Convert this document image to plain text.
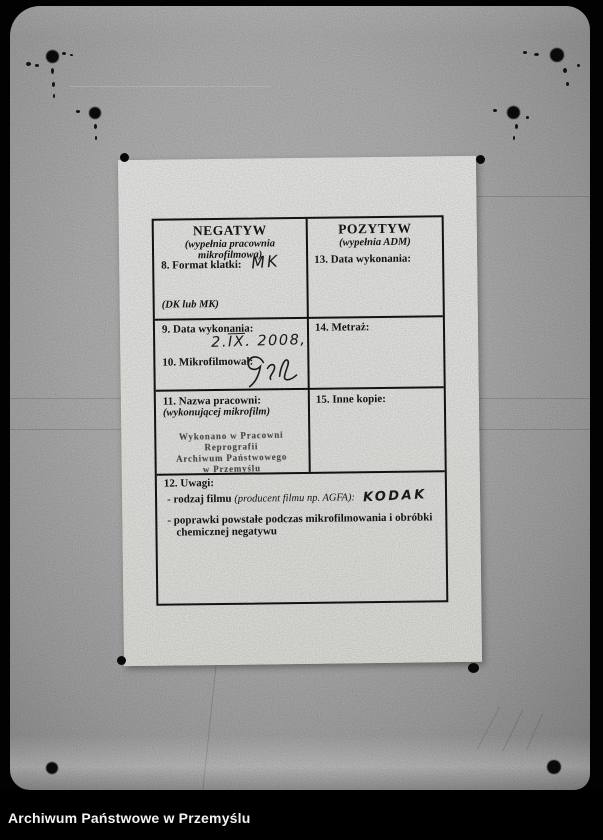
NEGATYW
(wypełnia pracownia mikrofilmowa)
8. Format klatki: MK
(DK lub MK)
POZYTYW
(wypełnia ADM)
13. Data wykonania:
9. Data wykonania:
$2.\overline{IX}$. 2008,
10. Mikrofilmował:
14. Metraż:
11. Nazwa pracowni:
(wykonującej mikrofilm)
Wykonano w Pracowni Reprografii
Archiwum Państwowego
w Przemyślu
15. Inne kopie:
12. Uwagi:
- rodzaj filmu (producent filmu np. AGFA): KODAK
- poprawki powstałe podczas mikrofilmowania i obróbki chemicznej negatywu
Archiwum Państwowe w Przemyślu
